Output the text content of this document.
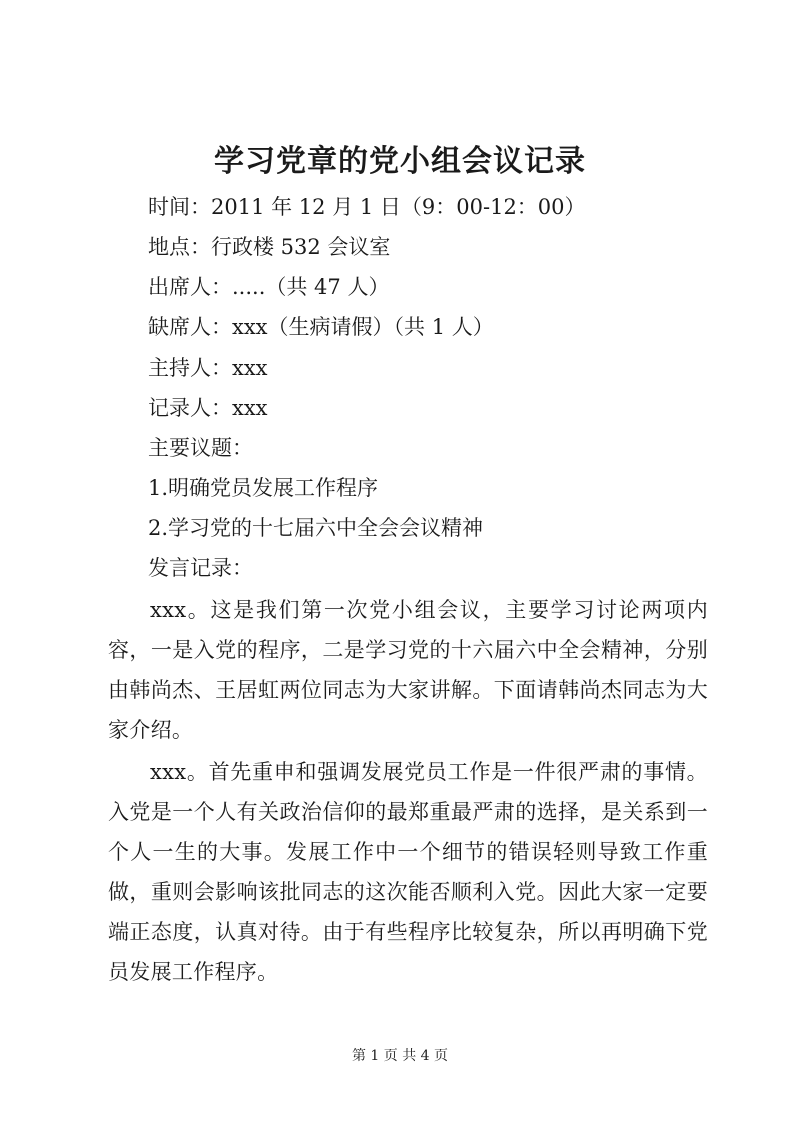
学习党章的党小组会议记录
时间：2011 年 12 月 1 日（9：00-12：00）
地点：行政楼 532 会议室
出席人：.....（共 47 人）
缺席人：xxx（生病请假）（共 1 人）
主持人：xxx
记录人：xxx
主要议题：
1.明确党员发展工作程序
2.学习党的十七届六中全会会议精神
发言记录：
xxx。这是我们第一次党小组会议，主要学习讨论两项内容，一是入党的程序，二是学习党的十六届六中全会精神，分别由韩尚杰、王居虹两位同志为大家讲解。下面请韩尚杰同志为大家介绍。
xxx。首先重申和强调发展党员工作是一件很严肃的事情。入党是一个人有关政治信仰的最郑重最严肃的选择，是关系到一个人一生的大事。发展工作中一个细节的错误轻则导致工作重做，重则会影响该批同志的这次能否顺利入党。因此大家一定要端正态度，认真对待。由于有些程序比较复杂，所以再明确下党员发展工作程序。
第 1 页 共 4 页
